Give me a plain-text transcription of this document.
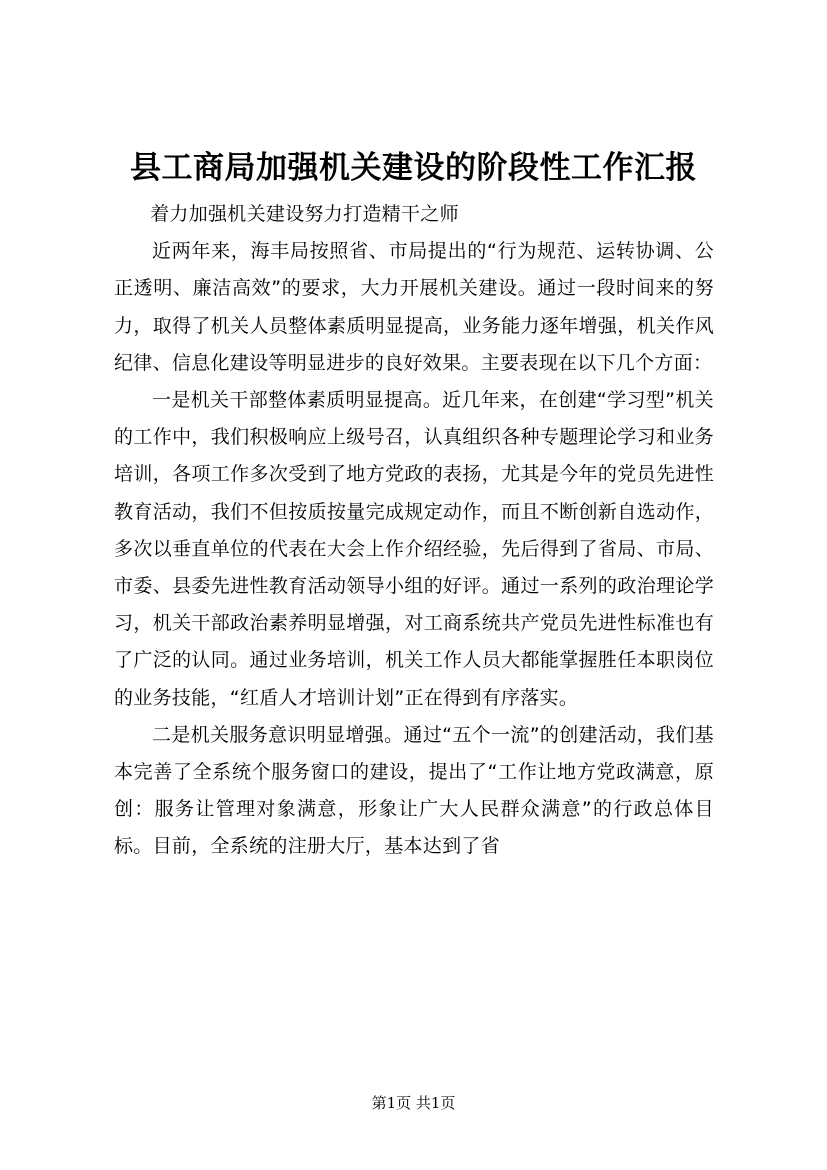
县工商局加强机关建设的阶段性工作汇报

着力加强机关建设努力打造精干之师

近两年来，海丰局按照省、市局提出的“行为规范、运转协调、公正透明、廉洁高效”的要求，大力开展机关建设。通过一段时间来的努力，取得了机关人员整体素质明显提高，业务能力逐年增强，机关作风纪律、信息化建设等明显进步的良好效果。主要表现在以下几个方面：

一是机关干部整体素质明显提高。近几年来，在创建“学习型”机关的工作中，我们积极响应上级号召，认真组织各种专题理论学习和业务培训，各项工作多次受到了地方党政的表扬，尤其是今年的党员先进性教育活动，我们不但按质按量完成规定动作，而且不断创新自选动作，多次以垂直单位的代表在大会上作介绍经验，先后得到了省局、市局、市委、县委先进性教育活动领导小组的好评。通过一系列的政治理论学习，机关干部政治素养明显增强，对工商系统共产党员先进性标准也有了广泛的认同。通过业务培训，机关工作人员大都能掌握胜任本职岗位的业务技能，“红盾人才培训计划”正在得到有序落实。

二是机关服务意识明显增强。通过“五个一流”的创建活动，我们基本完善了全系统个服务窗口的建设，提出了“工作让地方党政满意，原创：服务让管理对象满意，形象让广大人民群众满意”的行政总体目标。目前，全系统的注册大厅，基本达到了省

第1页 共1页
